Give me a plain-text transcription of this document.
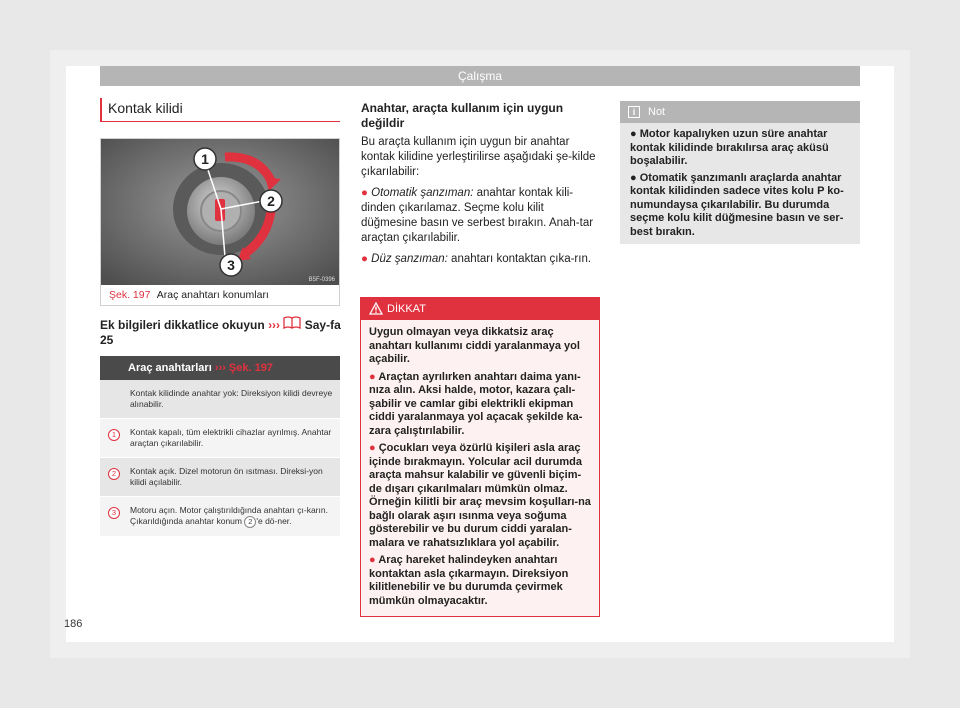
Çalışma
Kontak kilidi
1
2
3
B5F-0396
Şek. 197 Araç anahtarı konumları
Ek bilgileri dikkatlice okuyun ››› Say-fa 25
Araç anahtarları ››› Şek. 197
Kontak kilidinde anahtar yok: Direksiyon kilidi devreye alınabilir.
1	Kontak kapalı, tüm elektrikli cihazlar ayrılmış. Anahtar araçtan çıkarılabilir.
2	Kontak açık. Dizel motorun ön ısıtması. Direksi-yon kilidi açılabilir.
3	Motoru açın. Motor çalıştırıldığında anahtarı çı-karın. Çıkarıldığında anahtar konum 2 'e dö-ner.
Anahtar, araçta kullanım için uygun değildir

Bu araçta kullanım için uygun bir anahtar kontak kilidine yerleştirilirse aşağıdaki şe-kilde çıkarılabilir:

● Otomatik şanzıman: anahtar kontak kili-dinden çıkarılamaz. Seçme kolu kilit düğmesine basın ve serbest bırakın. Anah-tar araçtan çıkarılabilir.

● Düz şanzıman: anahtarı kontaktan çıka-rın.

DİKKAT

Uygun olmayan veya dikkatsiz araç anahtarı kullanımı ciddi yaralanmaya yol açabilir.

● Araçtan ayrılırken anahtarı daima yanı-nıza alın. Aksi halde, motor, kazara çalı-şabilir ve camlar gibi elektrikli ekipman ciddi yaralanmaya yol açacak şekilde ka-zara çalıştırılabilir.

● Çocukları veya özürlü kişileri asla araç içinde bırakmayın. Yolcular acil durumda araçta mahsur kalabilir ve güvenli biçim-de dışarı çıkarılmaları mümkün olmaz. Örneğin kilitli bir araç mevsim koşulları-na bağlı olarak aşırı ısınma veya soğuma gösterebilir ve bu durum ciddi yaralan-malara ve rahatsızlıklara yol açabilir.

● Araç hareket halindeyken anahtarı kontaktan asla çıkarmayın. Direksiyon kilitlenebilir ve bu durumda çevirmek mümkün olmayacaktır.

i	Not

● Motor kapalıyken uzun süre anahtar kontak kilidinde bırakılırsa araç aküsü boşalabilir.

● Otomatik şanzımanlı araçlarda anahtar kontak kilidinden sadece vites kolu P ko-numundaysa çıkarılabilir. Bu durumda seçme kolu kilit düğmesine basın ve ser-best bırakın.

186
